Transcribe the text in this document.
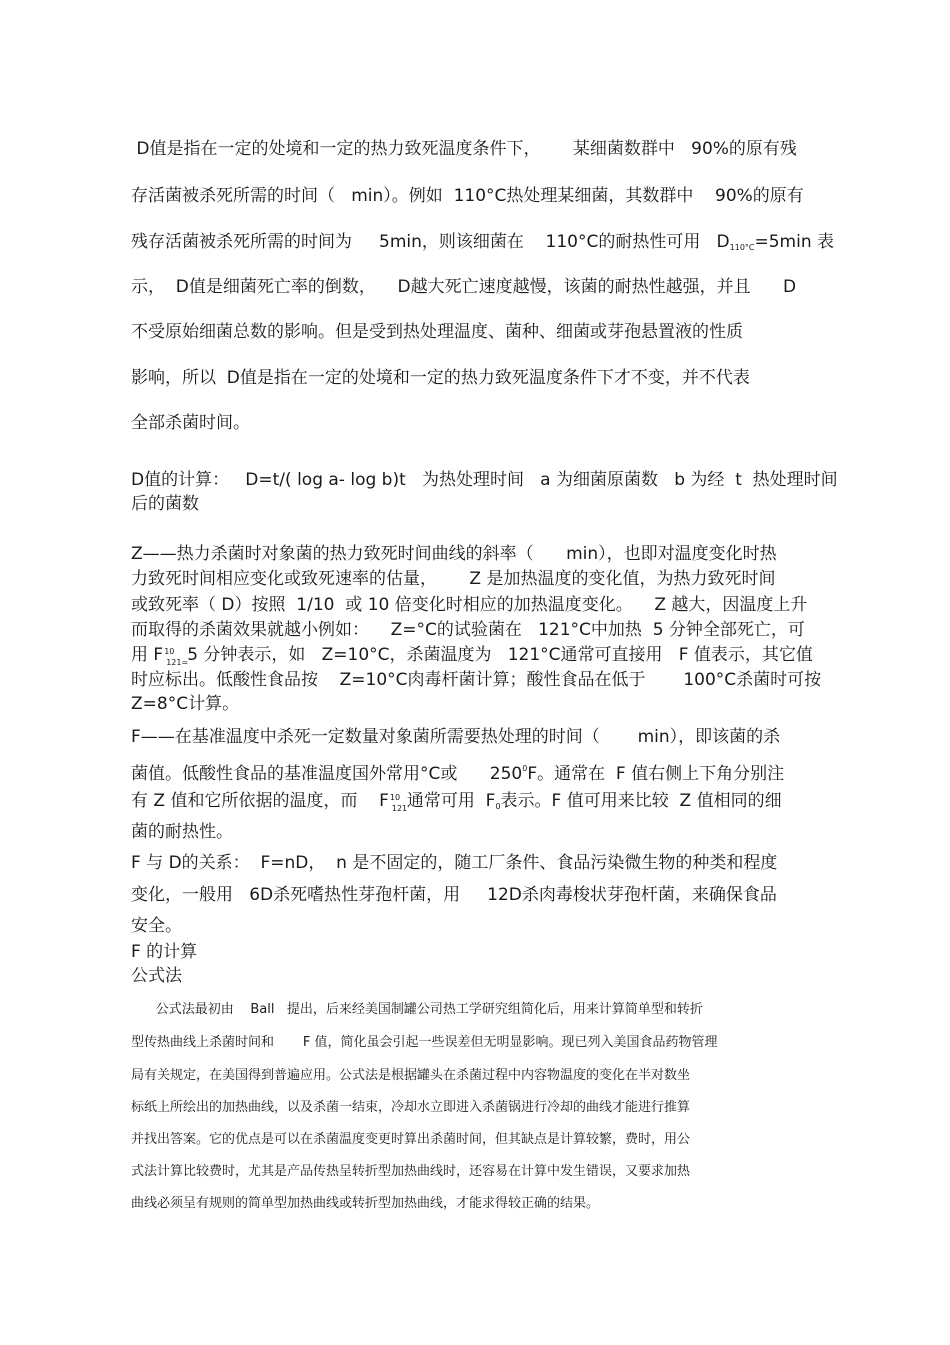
D值是指在一定的处境和一定的热力致死温度条件下，      某细菌数群中   90%的原有残
存活菌被杀死所需的时间（   min）。例如  110°C热处理某细菌，其数群中    90%的原有
残存活菌被杀死所需的时间为     5min，则该细菌在    110°C的耐热性可用   $D_{110^\circ C}=5\min$ 表
示，  D值是细菌死亡率的倒数，    D越大死亡速度越慢，该菌的耐热性越强，并且      D
不受原始细菌总数的影响。但是受到热处理温度、菌种、细菌或芽孢悬置液的性质
影响，所以  D值是指在一定的处境和一定的热力致死温度条件下才不变，并不代表
全部杀菌时间。
D值的计算：   D=t/( log a- log b)t   为热处理时间   a 为细菌原菌数   b 为经  t  热处理时间
后的菌数
Z——热力杀菌时对象菌的热力致死时间曲线的斜率（      min），也即对温度变化时热
力致死时间相应变化或致死速率的估量，      Z 是加热温度的变化值，为热力致死时间
或致死率（ D）按照  1/10  或 10 倍变化时相应的加热温度变化。    Z 越大，因温度上升
而取得的杀菌效果就越小例如：    Z=°C的试验菌在   121°C中加热  5 分钟全部死亡，可
用 F 10
121= 5 分钟表示，如   Z=10°C，杀菌温度为   121°C通常可直接用   F 值表示，其它值
时应标出。低酸性食品按    Z=10°C肉毒杆菌计算；酸性食品在低于       100°C杀菌时可按
Z=8°C计算。
F——在基准温度中杀死一定数量对象菌所需要热处理的时间（       min），即该菌的杀
菌值。低酸性食品的基准温度国外常用°C或      $250^0F$。通常在  F 值右侧上下角分别注
有 Z 值和它所依据的温度，而    F 10
121 通常可用  $F_0$表示。F 值可用来比较  Z 值相同的细
菌的耐热性。
F 与 D的关系：  F=nD，  n 是不固定的，随工厂条件、食品污染微生物的种类和程度
变化，一般用   6D杀死嗜热性芽孢杆菌，用     12D杀肉毒梭状芽孢杆菌，来确保食品
安全。
F 的计算
公式法
公式法最初由    Ball   提出，后来经美国制罐公司热工学研究组简化后，用来计算简单型和转折
型传热曲线上杀菌时间和       F 值，简化虽会引起一些误差但无明显影响。现已列入美国食品药物管理
局有关规定，在美国得到普遍应用。公式法是根据罐头在杀菌过程中内容物温度的变化在半对数坐
标纸上所绘出的加热曲线，以及杀菌一结束，冷却水立即进入杀菌锅进行冷却的曲线才能进行推算
并找出答案。它的优点是可以在杀菌温度变更时算出杀菌时间，但其缺点是计算较繁，费时，用公
式法计算比较费时，尤其是产品传热呈转折型加热曲线时，还容易在计算中发生错误，又要求加热
曲线必须呈有规则的简单型加热曲线或转折型加热曲线，才能求得较正确的结果。
